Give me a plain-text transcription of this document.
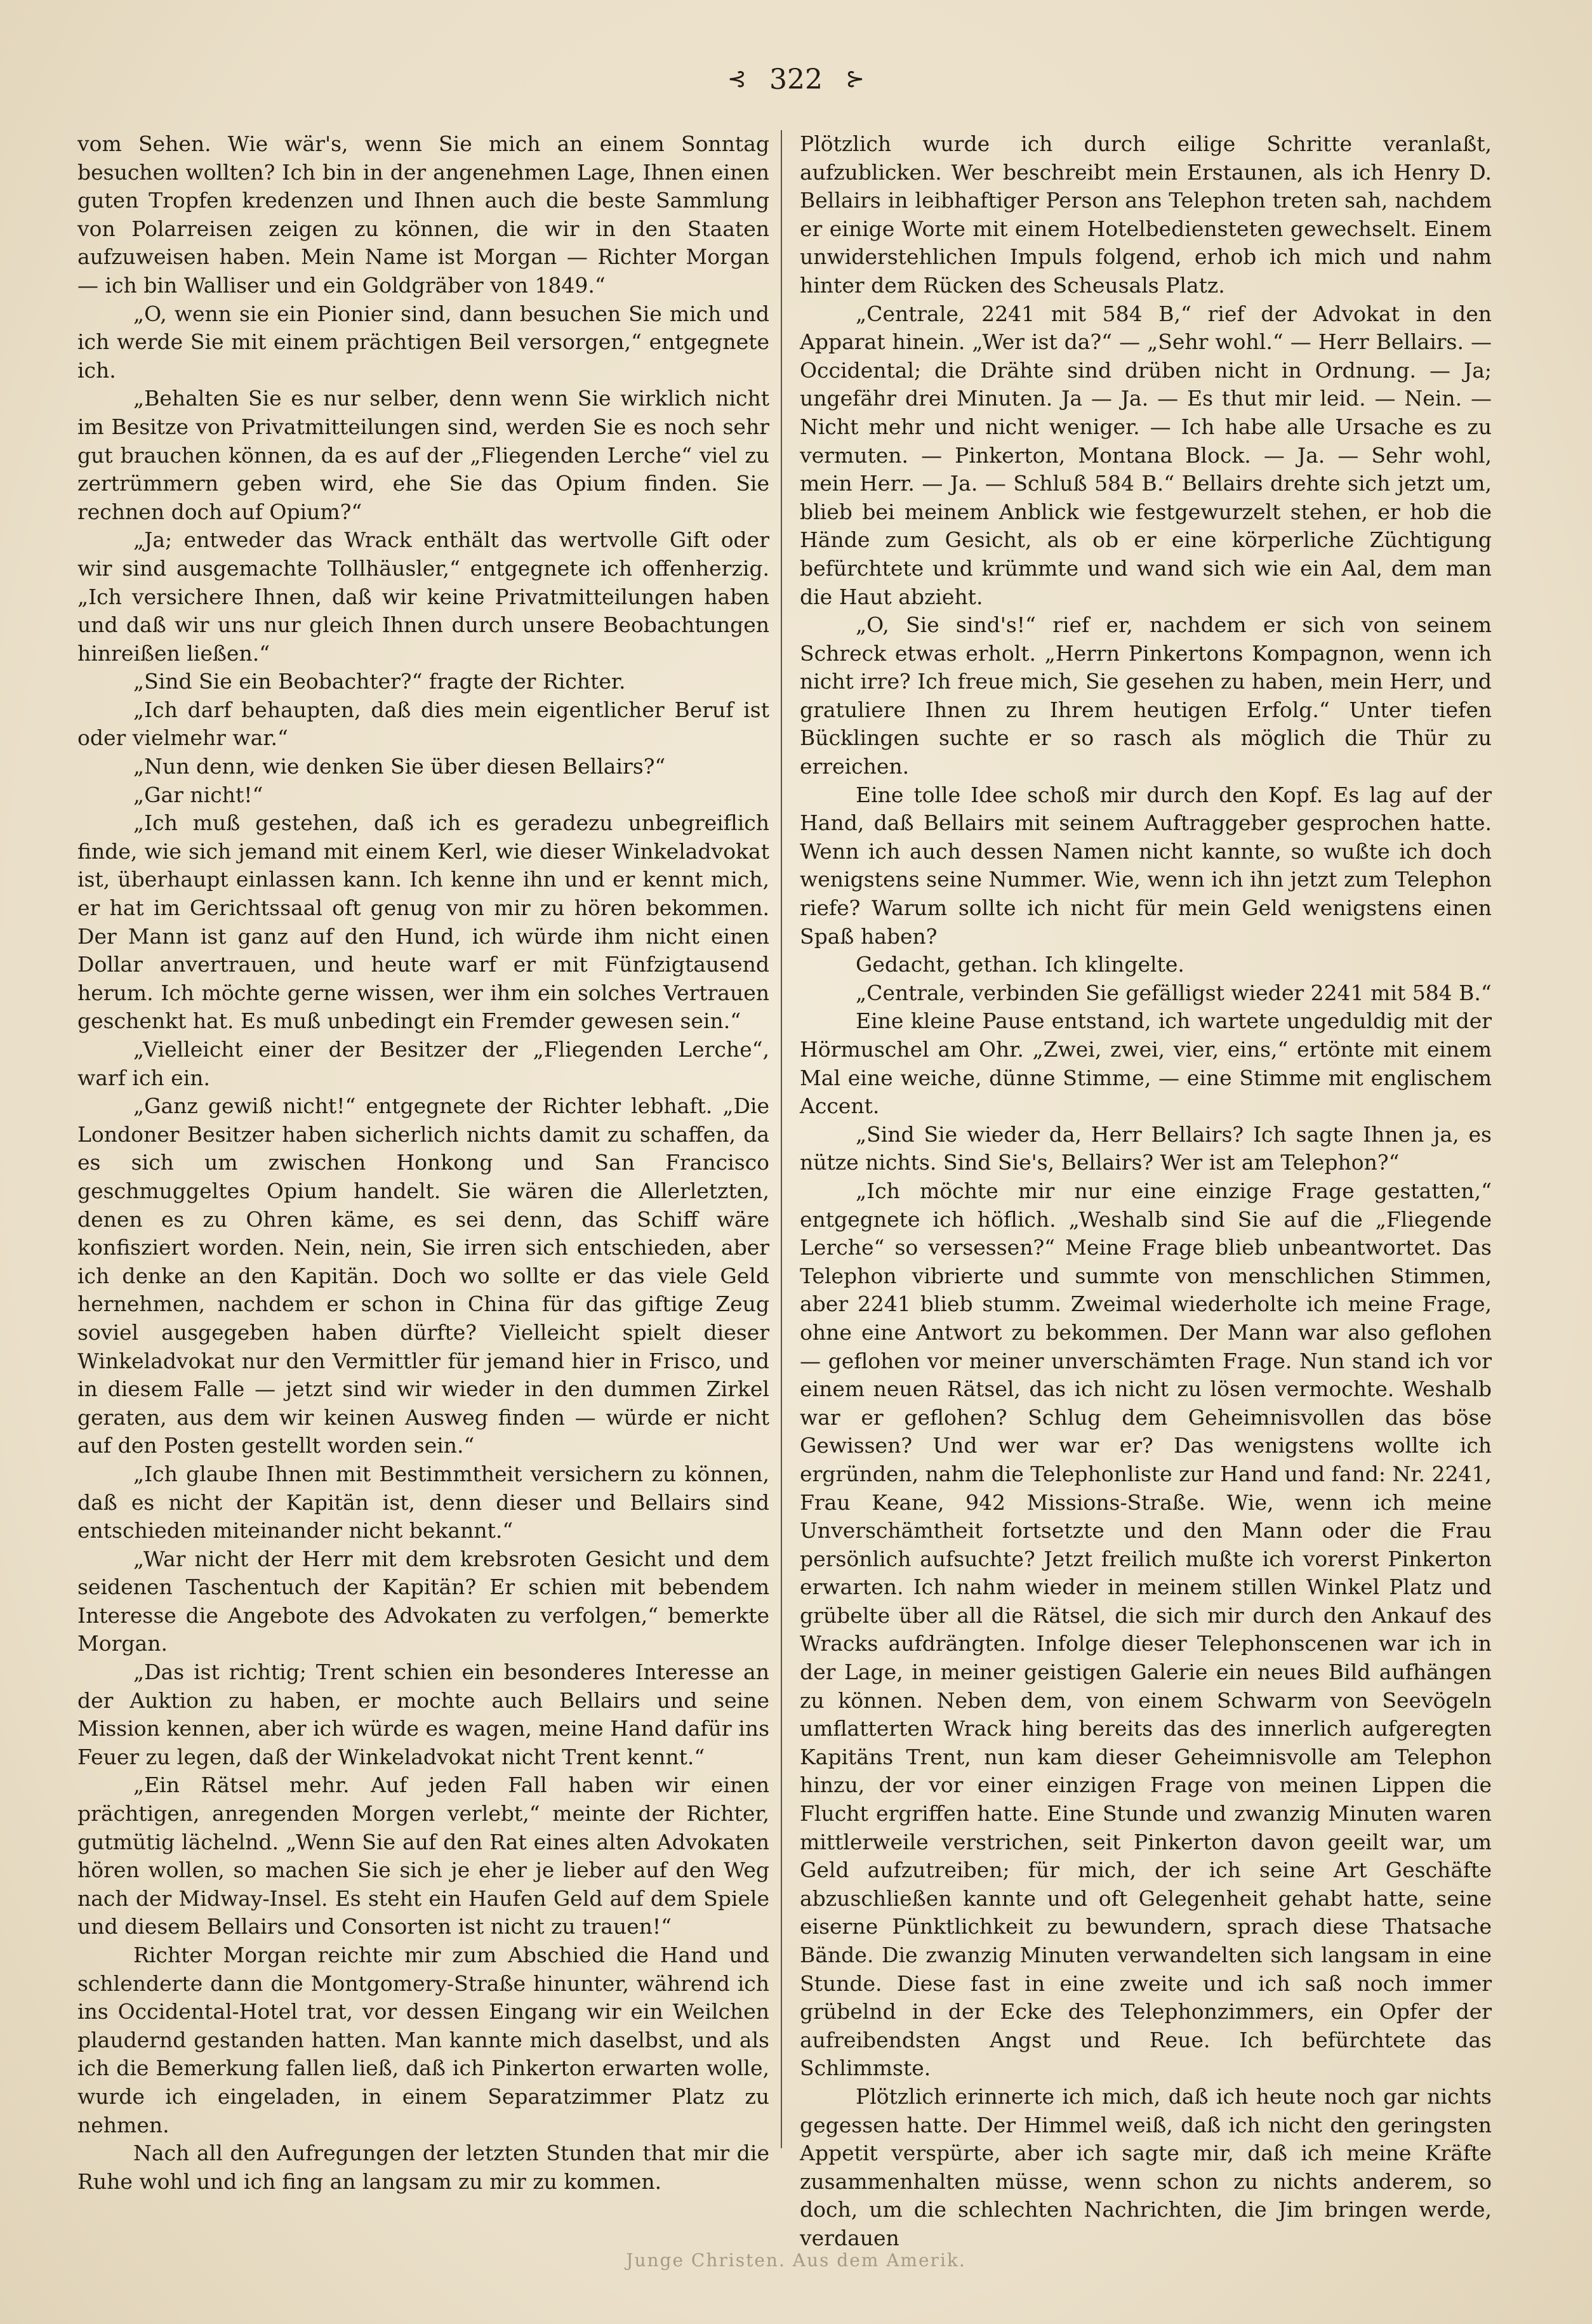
⊰ 322 ⊱

vom Sehen. Wie wär's, wenn Sie mich an einem Sonntag besuchen wollten? Ich bin in der angenehmen Lage, Ihnen einen guten Tropfen kredenzen und Ihnen auch die beste Sammlung von Polarreisen zeigen zu können, die wir in den Staaten aufzuweisen haben. Mein Name ist Morgan — Richter Morgan — ich bin Walliser und ein Goldgräber von 1849.“

„O, wenn sie ein Pionier sind, dann besuchen Sie mich und ich werde Sie mit einem prächtigen Beil versorgen,“ entgegnete ich.

„Behalten Sie es nur selber, denn wenn Sie wirklich nicht im Besitze von Privatmitteilungen sind, werden Sie es noch sehr gut brauchen können, da es auf der „Fliegenden Lerche“ viel zu zertrümmern geben wird, ehe Sie das Opium finden. Sie rechnen doch auf Opium?“

„Ja; entweder das Wrack enthält das wertvolle Gift oder wir sind ausgemachte Tollhäusler,“ entgegnete ich offenherzig. „Ich versichere Ihnen, daß wir keine Privatmitteilungen haben und daß wir uns nur gleich Ihnen durch unsere Beobachtungen hinreißen ließen.“

„Sind Sie ein Beobachter?“ fragte der Richter.

„Ich darf behaupten, daß dies mein eigentlicher Beruf ist oder vielmehr war.“

„Nun denn, wie denken Sie über diesen Bellairs?“

„Gar nicht!“

„Ich muß gestehen, daß ich es geradezu unbegreiflich finde, wie sich jemand mit einem Kerl, wie dieser Winkeladvokat ist, überhaupt einlassen kann. Ich kenne ihn und er kennt mich, er hat im Gerichtssaal oft genug von mir zu hören bekommen. Der Mann ist ganz auf den Hund, ich würde ihm nicht einen Dollar anvertrauen, und heute warf er mit Fünfzigtausend herum. Ich möchte gerne wissen, wer ihm ein solches Vertrauen geschenkt hat. Es muß unbedingt ein Fremder gewesen sein.“

„Vielleicht einer der Besitzer der „Fliegenden Lerche“, warf ich ein.

„Ganz gewiß nicht!“ entgegnete der Richter lebhaft. „Die Londoner Besitzer haben sicherlich nichts damit zu schaffen, da es sich um zwischen Honkong und San Francisco geschmuggeltes Opium handelt. Sie wären die Allerletzten, denen es zu Ohren käme, es sei denn, das Schiff wäre konfisziert worden. Nein, nein, Sie irren sich entschieden, aber ich denke an den Kapitän. Doch wo sollte er das viele Geld hernehmen, nachdem er schon in China für das giftige Zeug soviel ausgegeben haben dürfte? Vielleicht spielt dieser Winkeladvokat nur den Vermittler für jemand hier in Frisco, und in diesem Falle — jetzt sind wir wieder in den dummen Zirkel geraten, aus dem wir keinen Ausweg finden — würde er nicht auf den Posten gestellt worden sein.“

„Ich glaube Ihnen mit Bestimmtheit versichern zu können, daß es nicht der Kapitän ist, denn dieser und Bellairs sind entschieden miteinander nicht bekannt.“

„War nicht der Herr mit dem krebsroten Gesicht und dem seidenen Taschentuch der Kapitän? Er schien mit bebendem Interesse die Angebote des Advokaten zu verfolgen,“ bemerkte Morgan.

„Das ist richtig; Trent schien ein besonderes Interesse an der Auktion zu haben, er mochte auch Bellairs und seine Mission kennen, aber ich würde es wagen, meine Hand dafür ins Feuer zu legen, daß der Winkeladvokat nicht Trent kennt.“

„Ein Rätsel mehr. Auf jeden Fall haben wir einen prächtigen, anregenden Morgen verlebt,“ meinte der Richter, gutmütig lächelnd. „Wenn Sie auf den Rat eines alten Advokaten hören wollen, so machen Sie sich je eher je lieber auf den Weg nach der Midway-Insel. Es steht ein Haufen Geld auf dem Spiele und diesem Bellairs und Consorten ist nicht zu trauen!“

Richter Morgan reichte mir zum Abschied die Hand und schlenderte dann die Montgomery-Straße hinunter, während ich ins Occidental-Hotel trat, vor dessen Eingang wir ein Weilchen plaudernd gestanden hatten. Man kannte mich daselbst, und als ich die Bemerkung fallen ließ, daß ich Pinkerton erwarten wolle, wurde ich eingeladen, in einem Separatzimmer Platz zu nehmen.

Nach all den Aufregungen der letzten Stunden that mir die Ruhe wohl und ich fing an langsam zu mir zu kommen.

Plötzlich wurde ich durch eilige Schritte veranlaßt, aufzublicken. Wer beschreibt mein Erstaunen, als ich Henry D. Bellairs in leibhaftiger Person ans Telephon treten sah, nachdem er einige Worte mit einem Hotelbediensteten gewechselt. Einem unwiderstehlichen Impuls folgend, erhob ich mich und nahm hinter dem Rücken des Scheusals Platz.

„Centrale, 2241 mit 584 B,“ rief der Advokat in den Apparat hinein. „Wer ist da?“ — „Sehr wohl.“ — Herr Bellairs. — Occidental; die Drähte sind drüben nicht in Ordnung. — Ja; ungefähr drei Minuten. Ja — Ja. — Es thut mir leid. — Nein. — Nicht mehr und nicht weniger. — Ich habe alle Ursache es zu vermuten. — Pinkerton, Montana Block. — Ja. — Sehr wohl, mein Herr. — Ja. — Schluß 584 B.“ Bellairs drehte sich jetzt um, blieb bei meinem Anblick wie festgewurzelt stehen, er hob die Hände zum Gesicht, als ob er eine körperliche Züchtigung befürchtete und krümmte und wand sich wie ein Aal, dem man die Haut abzieht.

„O, Sie sind's!“ rief er, nachdem er sich von seinem Schreck etwas erholt. „Herrn Pinkertons Kompagnon, wenn ich nicht irre? Ich freue mich, Sie gesehen zu haben, mein Herr, und gratuliere Ihnen zu Ihrem heutigen Erfolg.“ Unter tiefen Bücklingen suchte er so rasch als möglich die Thür zu erreichen.

Eine tolle Idee schoß mir durch den Kopf. Es lag auf der Hand, daß Bellairs mit seinem Auftraggeber gesprochen hatte. Wenn ich auch dessen Namen nicht kannte, so wußte ich doch wenigstens seine Nummer. Wie, wenn ich ihn jetzt zum Telephon riefe? Warum sollte ich nicht für mein Geld wenigstens einen Spaß haben?

Gedacht, gethan. Ich klingelte.

„Centrale, verbinden Sie gefälligst wieder 2241 mit 584 B.“

Eine kleine Pause entstand, ich wartete ungeduldig mit der Hörmuschel am Ohr. „Zwei, zwei, vier, eins,“ ertönte mit einem Mal eine weiche, dünne Stimme, — eine Stimme mit englischem Accent.

„Sind Sie wieder da, Herr Bellairs? Ich sagte Ihnen ja, es nütze nichts. Sind Sie's, Bellairs? Wer ist am Telephon?“

„Ich möchte mir nur eine einzige Frage gestatten,“ entgegnete ich höflich. „Weshalb sind Sie auf die „Fliegende Lerche“ so versessen?“ Meine Frage blieb unbeantwortet. Das Telephon vibrierte und summte von menschlichen Stimmen, aber 2241 blieb stumm. Zweimal wiederholte ich meine Frage, ohne eine Antwort zu bekommen. Der Mann war also geflohen — geflohen vor meiner unverschämten Frage. Nun stand ich vor einem neuen Rätsel, das ich nicht zu lösen vermochte. Weshalb war er geflohen? Schlug dem Geheimnisvollen das böse Gewissen? Und wer war er? Das wenigstens wollte ich ergründen, nahm die Telephonliste zur Hand und fand: Nr. 2241, Frau Keane, 942 Missions-Straße. Wie, wenn ich meine Unverschämtheit fortsetzte und den Mann oder die Frau persönlich aufsuchte? Jetzt freilich mußte ich vorerst Pinkerton erwarten. Ich nahm wieder in meinem stillen Winkel Platz und grübelte über all die Rätsel, die sich mir durch den Ankauf des Wracks aufdrängten. Infolge dieser Telephonscenen war ich in der Lage, in meiner geistigen Galerie ein neues Bild aufhängen zu können. Neben dem, von einem Schwarm von Seevögeln umflatterten Wrack hing bereits das des innerlich aufgeregten Kapitäns Trent, nun kam dieser Geheimnisvolle am Telephon hinzu, der vor einer einzigen Frage von meinen Lippen die Flucht ergriffen hatte. Eine Stunde und zwanzig Minuten waren mittlerweile verstrichen, seit Pinkerton davon geeilt war, um Geld aufzutreiben; für mich, der ich seine Art Geschäfte abzuschließen kannte und oft Gelegenheit gehabt hatte, seine eiserne Pünktlichkeit zu bewundern, sprach diese Thatsache Bände. Die zwanzig Minuten verwandelten sich langsam in eine Stunde. Diese fast in eine zweite und ich saß noch immer grübelnd in der Ecke des Telephonzimmers, ein Opfer der aufreibendsten Angst und Reue. Ich befürchtete das Schlimmste.

Plötzlich erinnerte ich mich, daß ich heute noch gar nichts gegessen hatte. Der Himmel weiß, daß ich nicht den geringsten Appetit verspürte, aber ich sagte mir, daß ich meine Kräfte zusammenhalten müsse, wenn schon zu nichts anderem, so doch, um die schlechten Nachrichten, die Jim bringen werde, verdauen

Junge Christen. Aus dem Amerik.
